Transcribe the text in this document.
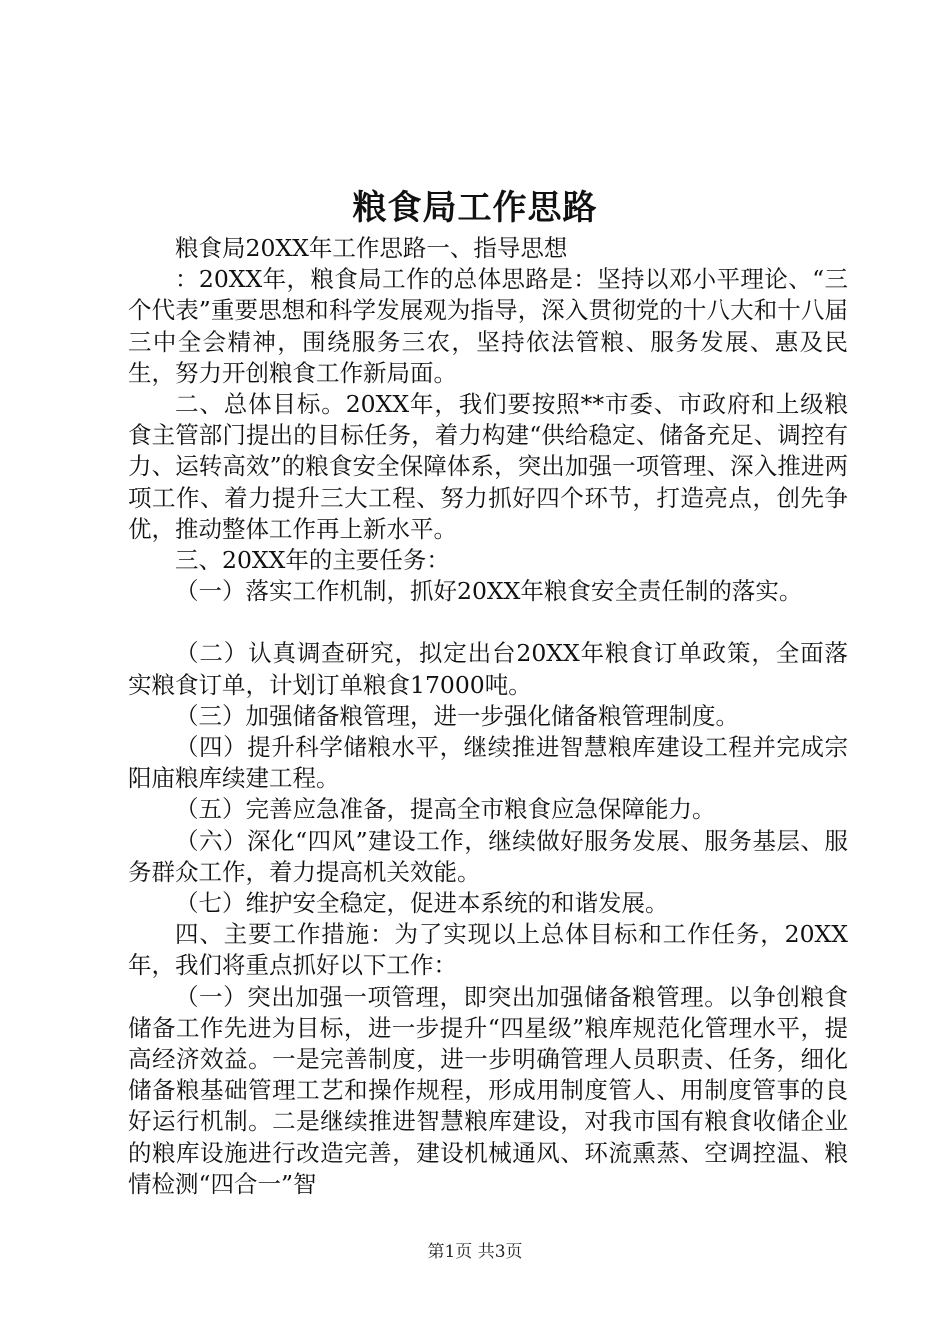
粮食局工作思路

粮食局20XX年工作思路一、指导思想

：20XX年，粮食局工作的总体思路是：坚持以邓小平理论、“三个代表”重要思想和科学发展观为指导，深入贯彻党的十八大和十八届三中全会精神，围绕服务三农，坚持依法管粮、服务发展、惠及民生，努力开创粮食工作新局面。

二、总体目标。20XX年，我们要按照**市委、市政府和上级粮食主管部门提出的目标任务，着力构建“供给稳定、储备充足、调控有力、运转高效”的粮食安全保障体系，突出加强一项管理、深入推进两项工作、着力提升三大工程、努力抓好四个环节，打造亮点，创先争优，推动整体工作再上新水平。

三、20XX年的主要任务：

（一）落实工作机制，抓好20XX年粮食安全责任制的落实。

（二）认真调查研究，拟定出台20XX年粮食订单政策，全面落实粮食订单，计划订单粮食17000吨。

（三）加强储备粮管理，进一步强化储备粮管理制度。

（四）提升科学储粮水平，继续推进智慧粮库建设工程并完成宗阳庙粮库续建工程。

（五）完善应急准备，提高全市粮食应急保障能力。

（六）深化“四风”建设工作，继续做好服务发展、服务基层、服务群众工作，着力提高机关效能。

（七）维护安全稳定，促进本系统的和谐发展。

四、主要工作措施：为了实现以上总体目标和工作任务，20XX年，我们将重点抓好以下工作：

（一）突出加强一项管理，即突出加强储备粮管理。以争创粮食储备工作先进为目标，进一步提升“四星级”粮库规范化管理水平，提高经济效益。一是完善制度，进一步明确管理人员职责、任务，细化储备粮基础管理工艺和操作规程，形成用制度管人、用制度管事的良好运行机制。二是继续推进智慧粮库建设，对我市国有粮食收储企业的粮库设施进行改造完善，建设机械通风、环流熏蒸、空调控温、粮情检测“四合一”智

第1页 共3页
